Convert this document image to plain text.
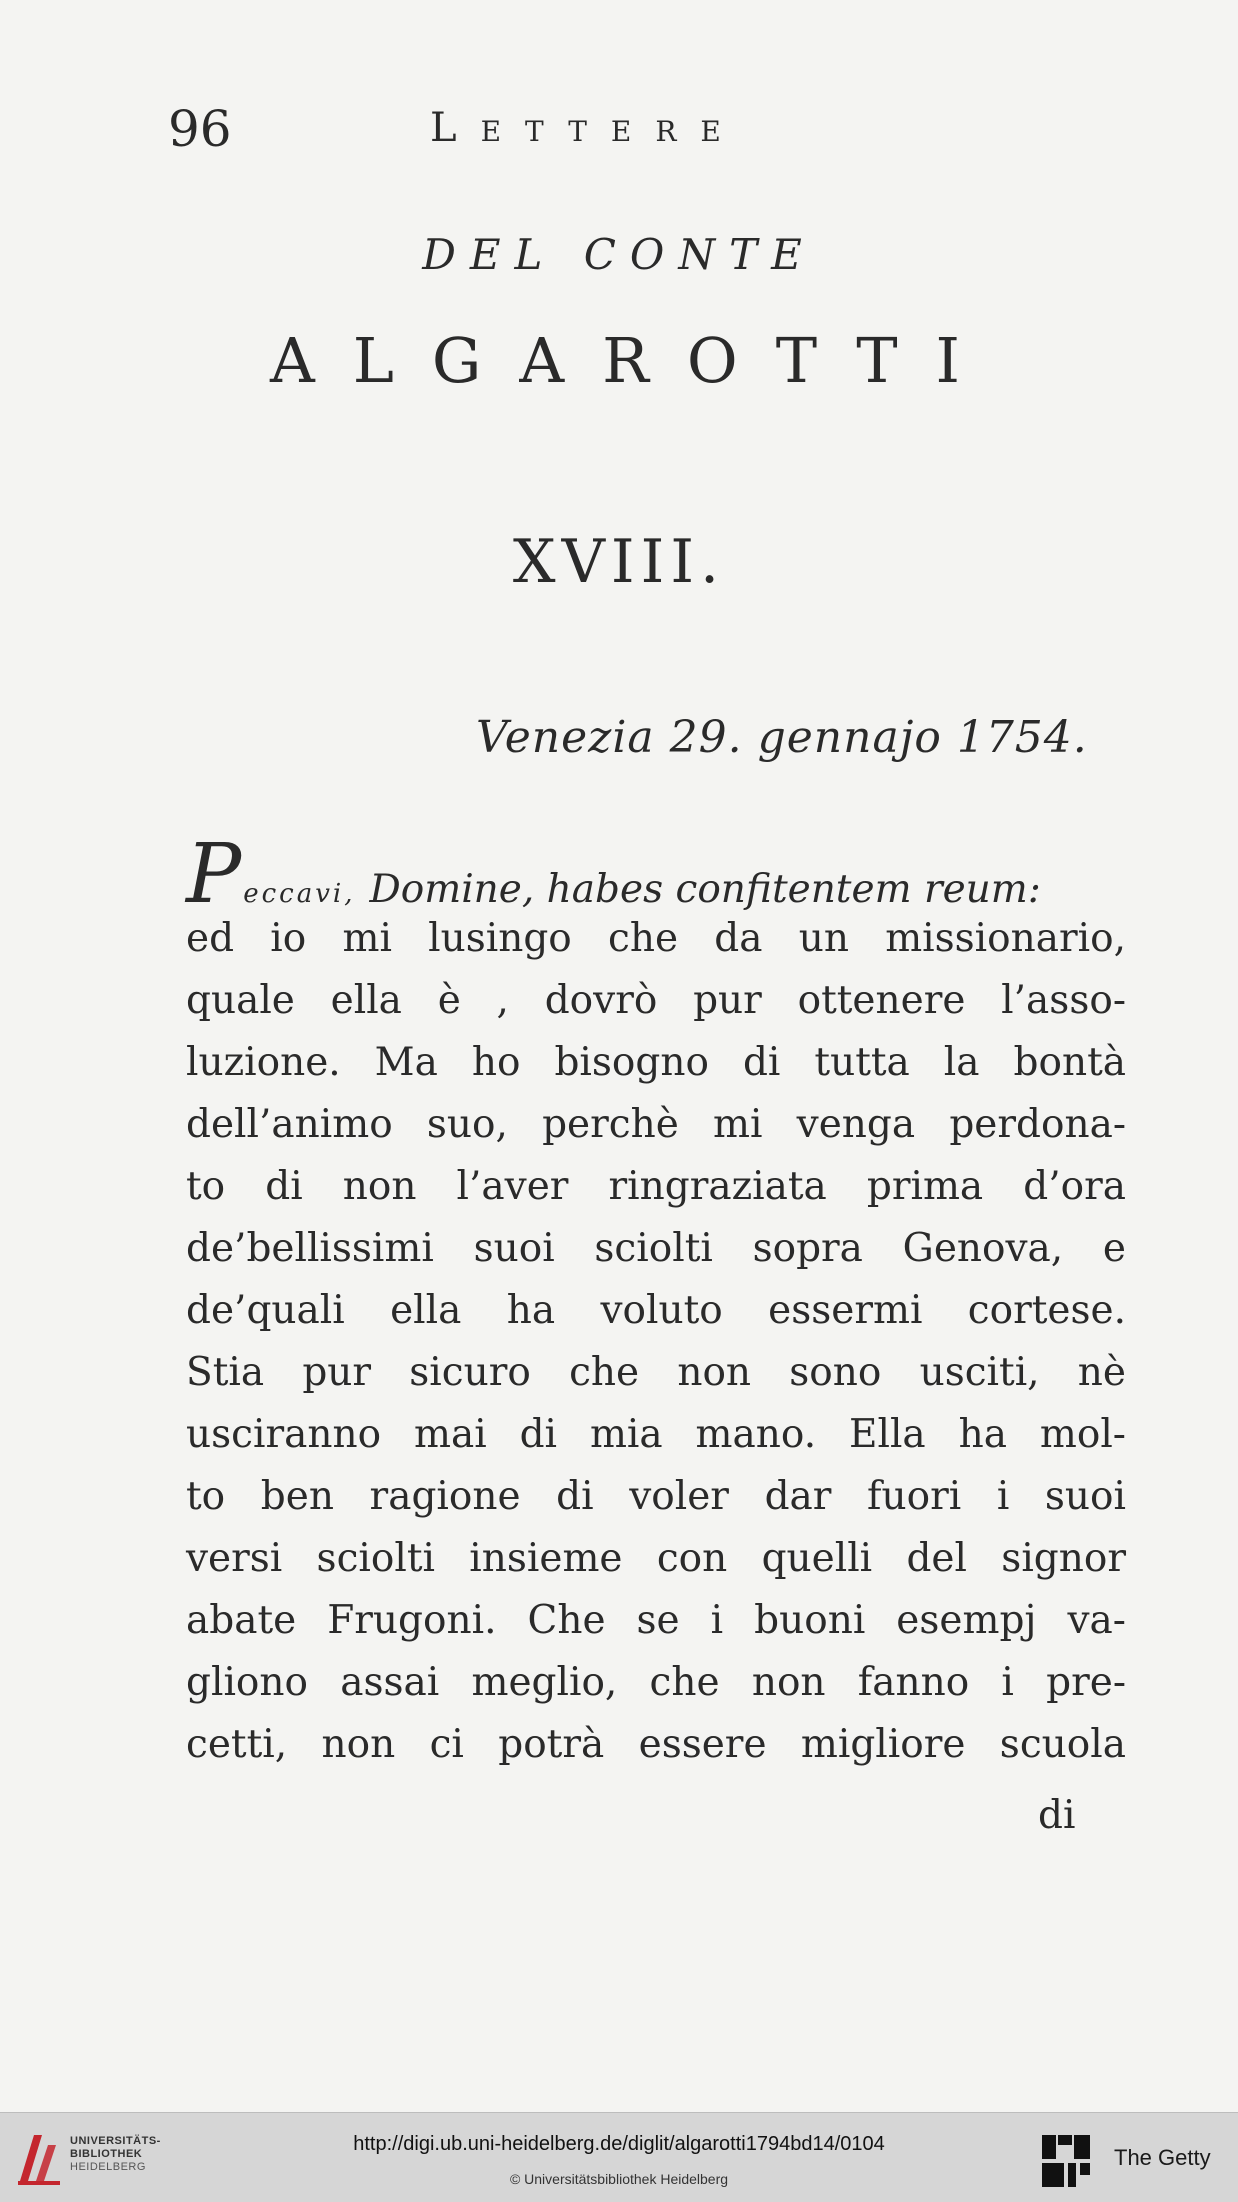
96	Lettere
DEL CONTE
ALGAROTTI
XVIII.
Venezia 29. gennajo 1754.
P eccavi, Domine, habes confitentem reum:
ed io mi lusingo che da un missionario,
quale ella è , dovrò pur ottenere l’asso-
luzione. Ma ho bisogno di tutta la bontà
dell’animo suo, perchè mi venga perdona-
to di non l’aver ringraziata prima d’ora
de’bellissimi suoi sciolti sopra Genova, e
de’quali ella ha voluto essermi cortese.
Stia pur sicuro che non sono usciti, nè
usciranno mai di mia mano. Ella ha mol-
to ben ragione di voler dar fuori i suoi
versi sciolti insieme con quelli del signor
abate Frugoni. Che se i buoni esempj va-
gliono assai meglio, che non fanno i pre-
cetti, non ci potrà essere migliore scuola
di
UNIVERSITÄTS-
BIBLIOTHEK
HEIDELBERG
http://digi.ub.uni-heidelberg.de/diglit/algarotti1794bd14/0104
© Universitätsbibliothek Heidelberg
The Getty
